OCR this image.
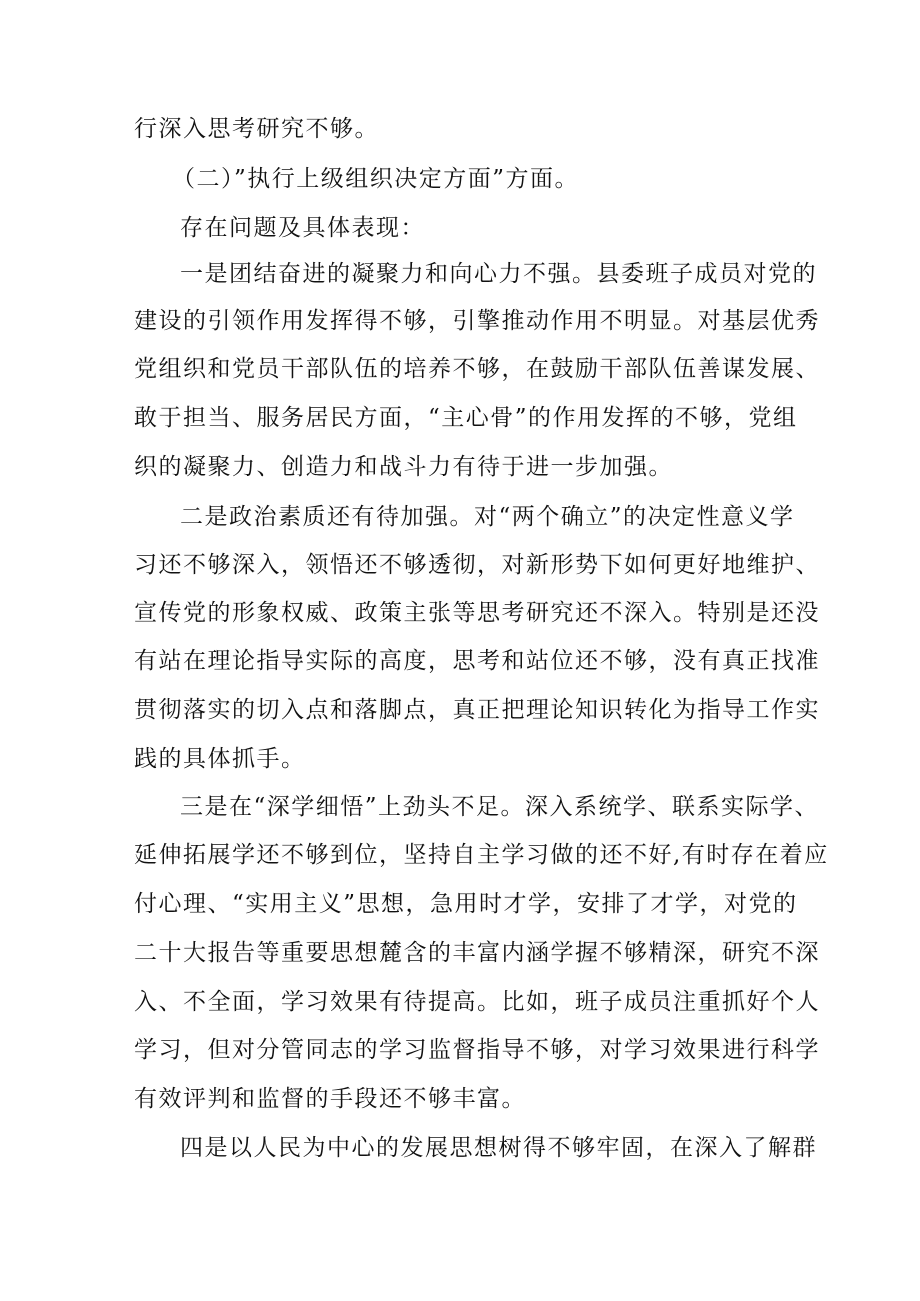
行深入思考研究不够。
（二）”执行上级组织决定方面”方面。
存在问题及具体表现：
一是团结奋进的凝聚力和向心力不强。县委班子成员对党的
建设的引领作用发挥得不够，引擎推动作用不明显。对基层优秀
党组织和党员干部队伍的培养不够，在鼓励干部队伍善谋发展、
敢于担当、服务居民方面，“主心骨”的作用发挥的不够，党组
织的凝聚力、创造力和战斗力有待于进一步加强。
二是政治素质还有待加强。对“两个确立”的决定性意义学
习还不够深入，领悟还不够透彻，对新形势下如何更好地维护、
宣传党的形象权威、政策主张等思考研究还不深入。特别是还没
有站在理论指导实际的高度，思考和站位还不够，没有真正找准
贯彻落实的切入点和落脚点，真正把理论知识转化为指导工作实
践的具体抓手。
三是在“深学细悟”上劲头不足。深入系统学、联系实际学、
延伸拓展学还不够到位，坚持自主学习做的还不好,有时存在着应
付心理、“实用主义”思想，急用时才学，安排了才学，对党的
二十大报告等重要思想麓含的丰富内涵学握不够精深，研究不深
入、不全面，学习效果有待提高。比如，班子成员注重抓好个人
学习，但对分管同志的学习监督指导不够，对学习效果进行科学
有效评判和监督的手段还不够丰富。
四是以人民为中心的发展思想树得不够牢固，在深入了解群
